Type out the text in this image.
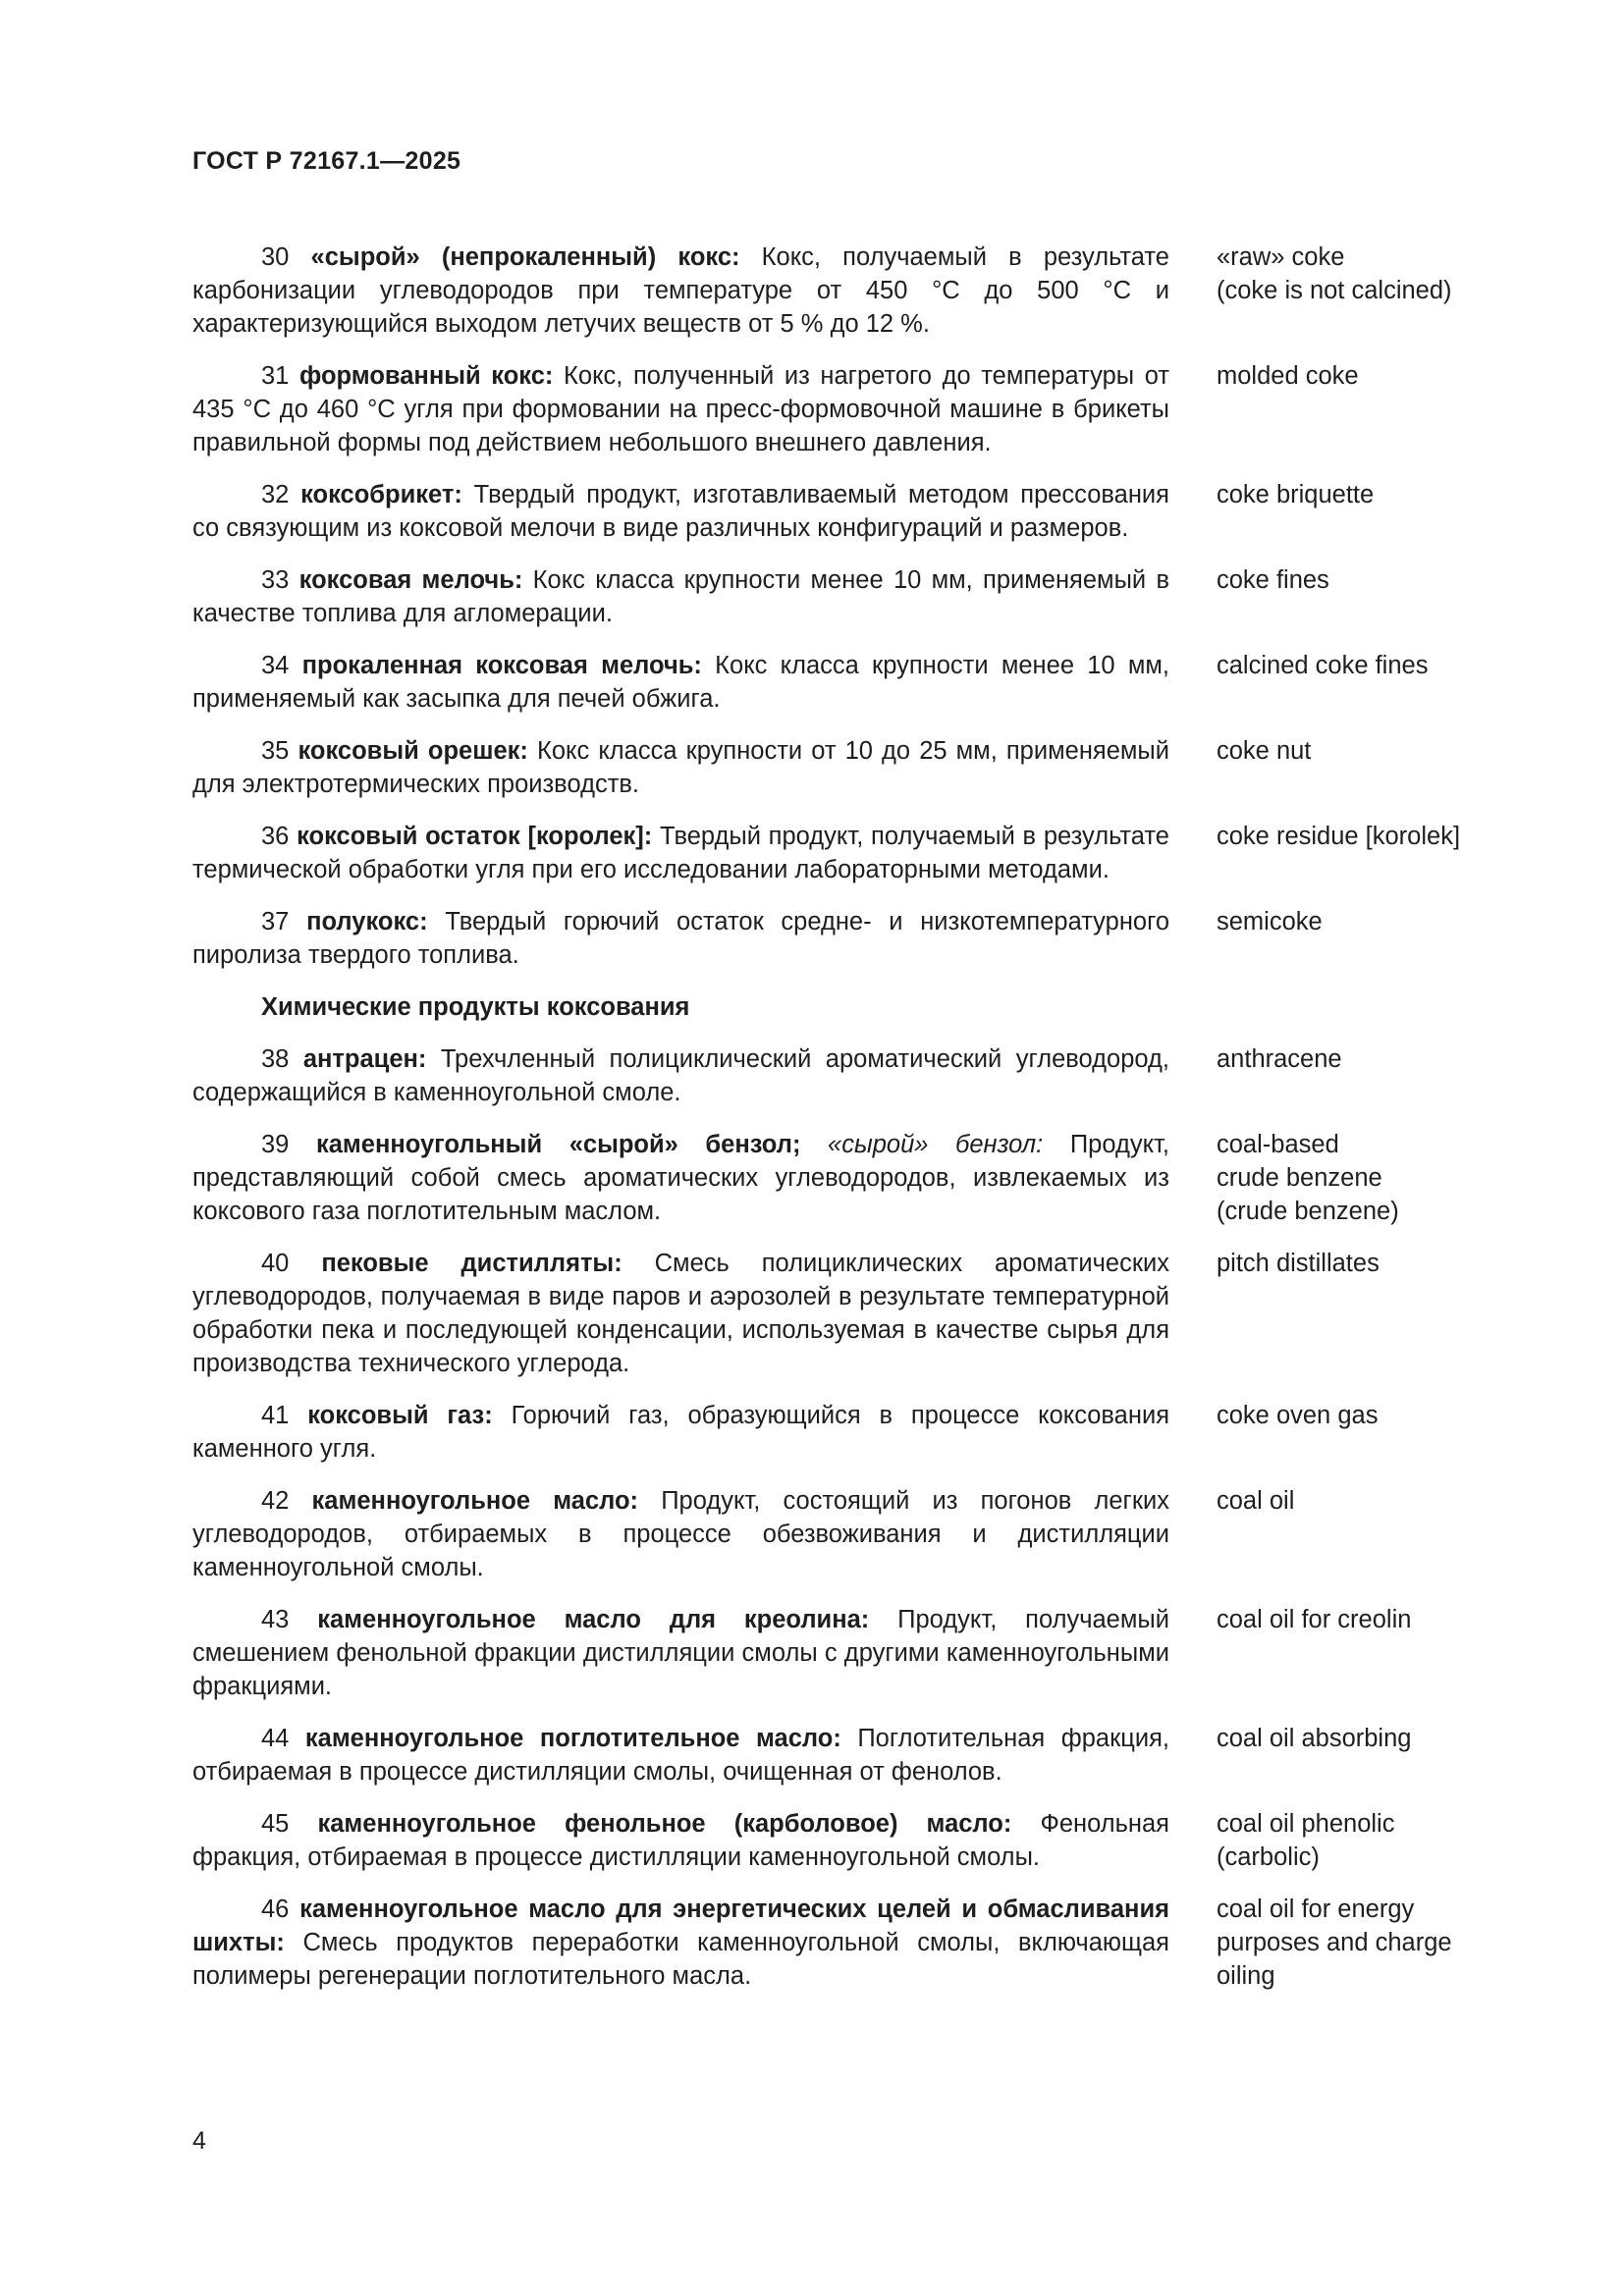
ГОСТ Р 72167.1—2025
30 «сырой» (непрокаленный) кокс: Кокс, получаемый в результате карбонизации углеводородов при температуре от 450 °С до 500 °С и характеризующийся выходом летучих веществ от 5 % до 12 %.
«raw» coke
(coke is not calcined)
31 формованный кокс: Кокс, полученный из нагретого до температуры от 435 °С до 460 °С угля при формовании на пресс-формовочной машине в брикеты правильной формы под действием небольшого внешнего давления.
molded coke
32 коксобрикет: Твердый продукт, изготавливаемый методом прессования со связующим из коксовой мелочи в виде различных конфигураций и размеров.
coke briquette
33 коксовая мелочь: Кокс класса крупности менее 10 мм, применяемый в качестве топлива для агломерации.
coke fines
34 прокаленная коксовая мелочь: Кокс класса крупности менее 10 мм, применяемый как засыпка для печей обжига.
calcined coke fines
35 коксовый орешек: Кокс класса крупности от 10 до 25 мм, применяемый для электротермических производств.
coke nut
36 коксовый остаток [королек]: Твердый продукт, получаемый в результате термической обработки угля при его исследовании лабораторными методами.
coke residue [korolek]
37 полукокс: Твердый горючий остаток средне- и низкотемпературного пиролиза твердого топлива.
semicoke
Химические продукты коксования
38 антрацен: Трехчленный полициклический ароматический углеводород, содержащийся в каменноугольной смоле.
anthracene
39 каменноугольный «сырой» бензол; «сырой» бензол: Продукт, представляющий собой смесь ароматических углеводородов, извлекаемых из коксового газа поглотительным маслом.
coal-based
crude benzene
(crude benzene)
40 пековые дистилляты: Смесь полициклических ароматических углеводородов, получаемая в виде паров и аэрозолей в результате температурной обработки пека и последующей конденсации, используемая в качестве сырья для производства технического углерода.
pitch distillates
41 коксовый газ: Горючий газ, образующийся в процессе коксования каменного угля.
coke oven gas
42 каменноугольное масло: Продукт, состоящий из погонов легких углеводородов, отбираемых в процессе обезвоживания и дистилляции каменноугольной смолы.
coal oil
43 каменноугольное масло для креолина: Продукт, получаемый смешением фенольной фракции дистилляции смолы с другими каменноугольными фракциями.
coal oil for creolin
44 каменноугольное поглотительное масло: Поглотительная фракция, отбираемая в процессе дистилляции смолы, очищенная от фенолов.
coal oil absorbing
45 каменноугольное фенольное (карболовое) масло: Фенольная фракция, отбираемая в процессе дистилляции каменноугольной смолы.
coal oil phenolic
(carbolic)
46 каменноугольное масло для энергетических целей и обмасливания шихты: Смесь продуктов переработки каменноугольной смолы, включающая полимеры регенерации поглотительного масла.
coal oil for energy
purposes and charge
oiling
4
